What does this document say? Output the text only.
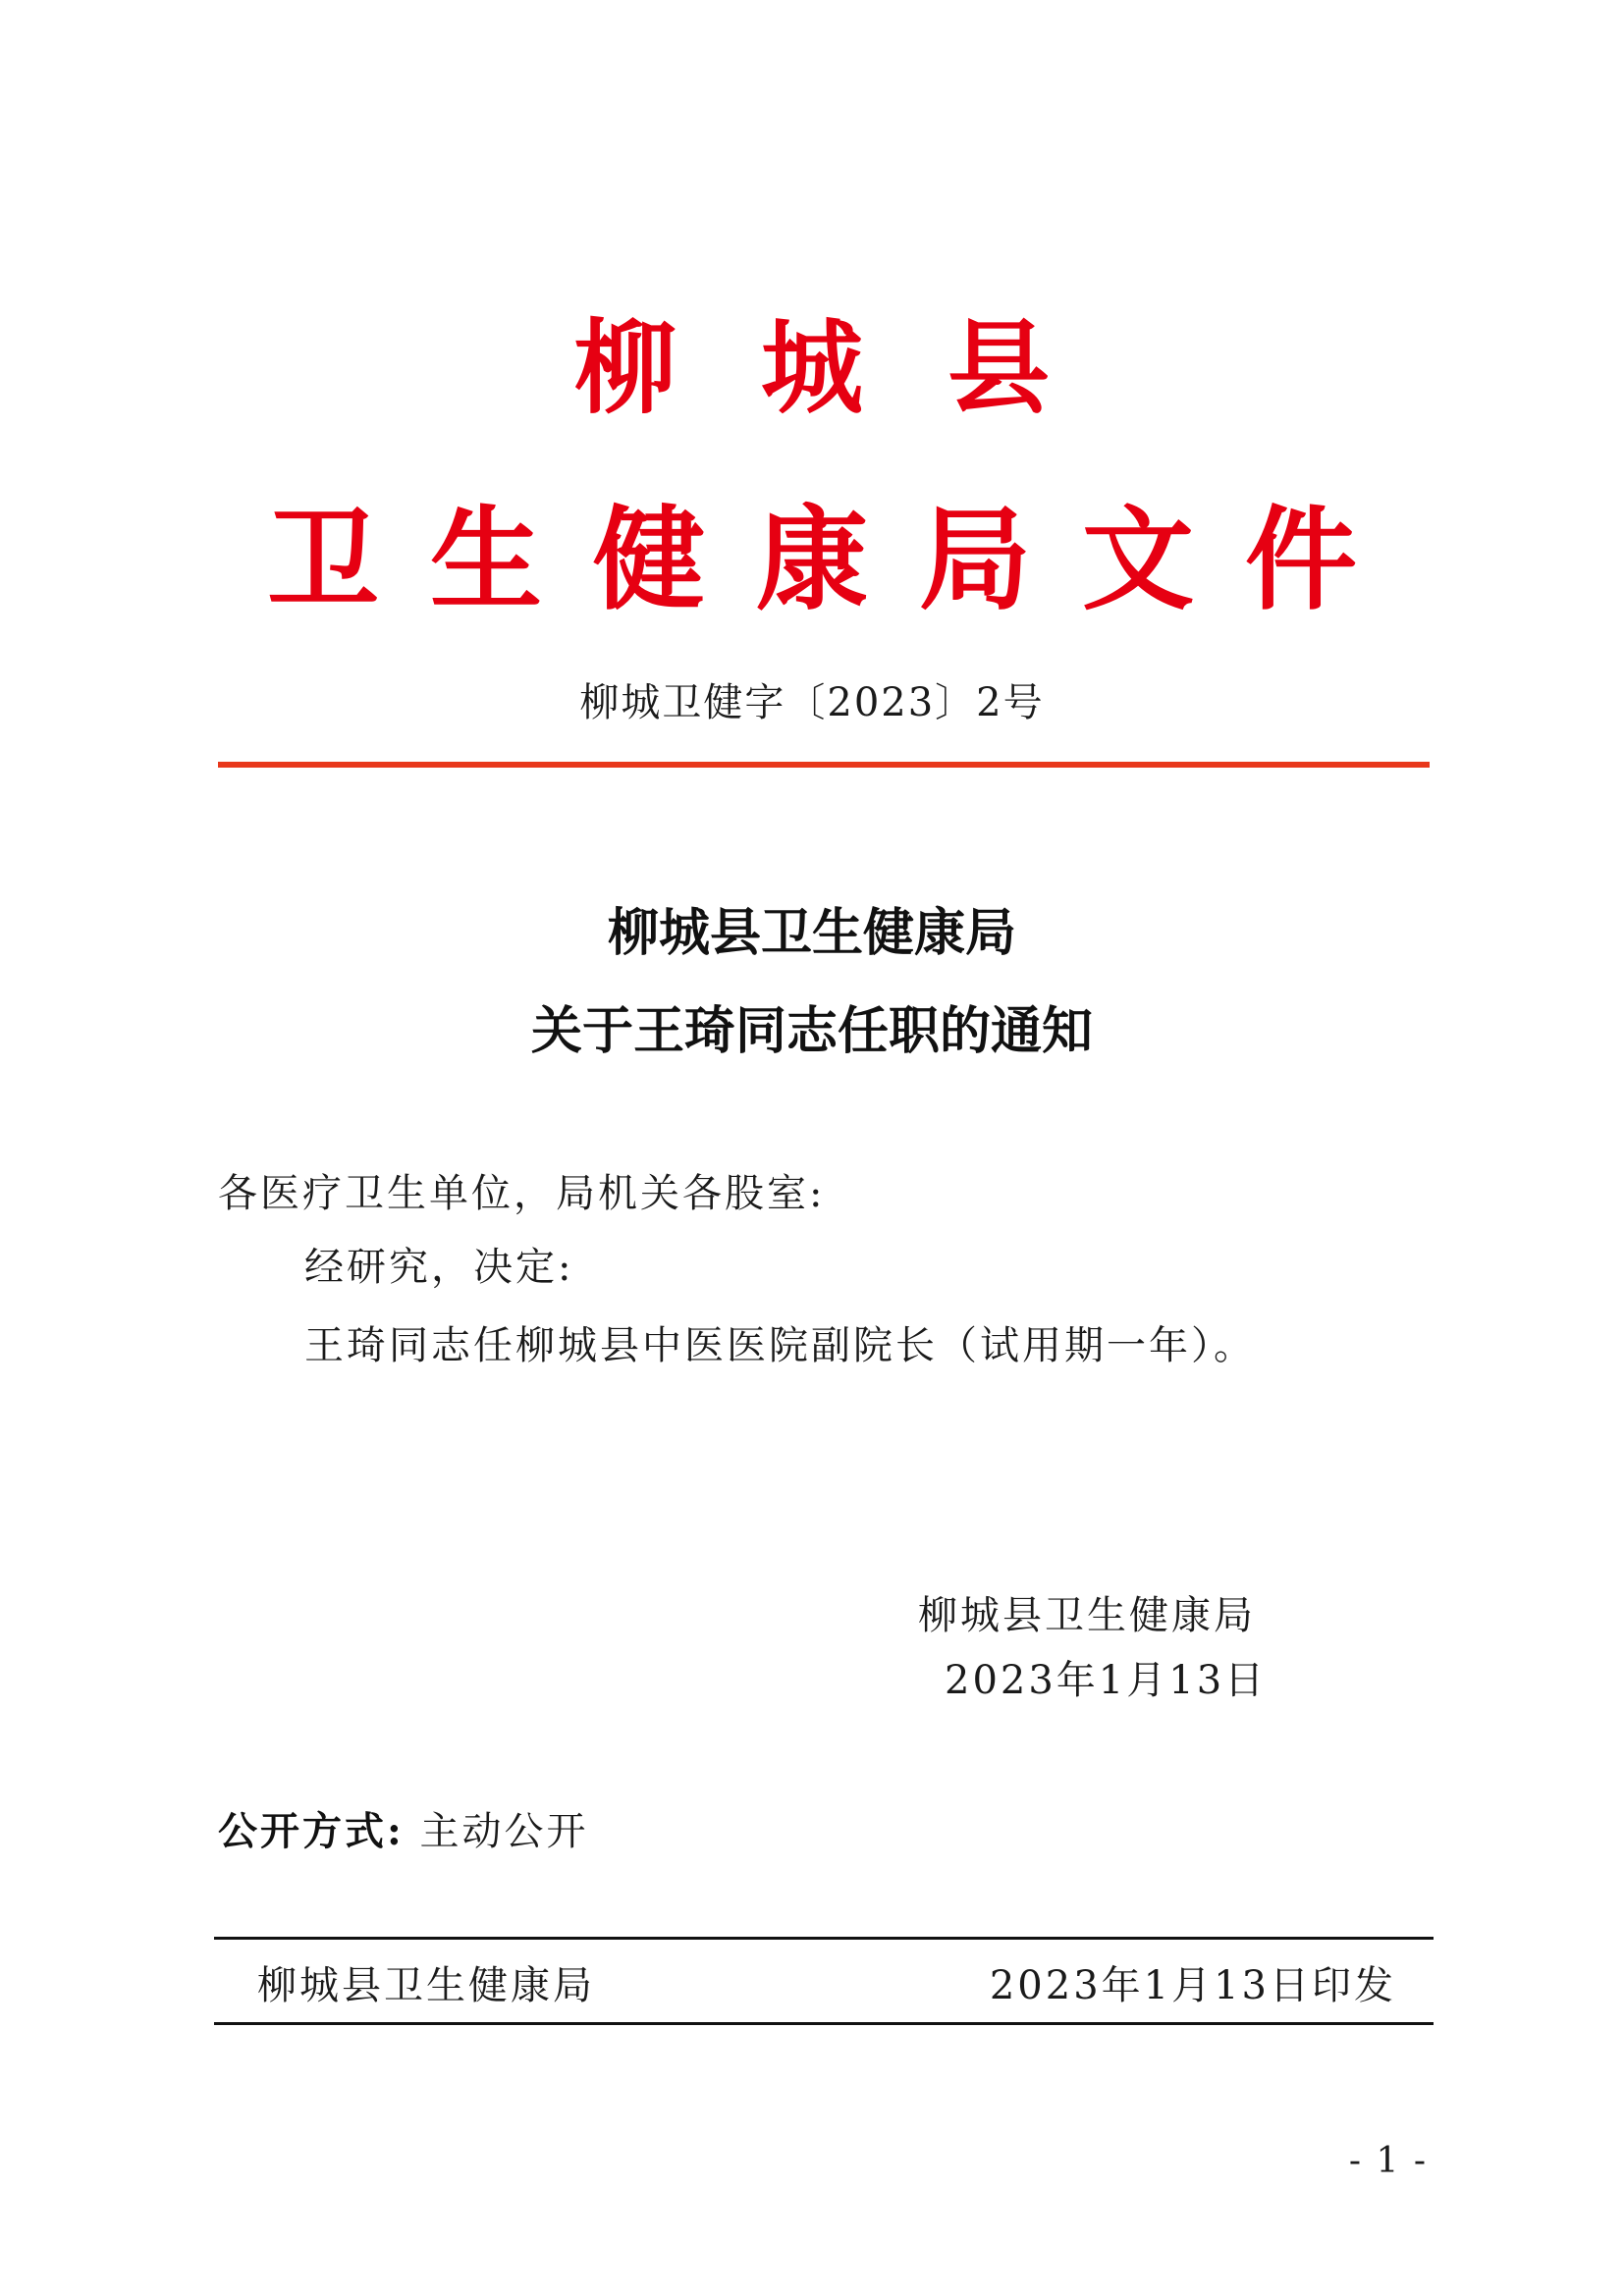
柳城县
卫生健康局文件
柳城卫健字〔2023〕2号
柳城县卫生健康局
关于王琦同志任职的通知
各医疗卫生单位，局机关各股室:
经研究，决定:
王琦同志任柳城县中医医院副院长（试用期一年）。
柳城县卫生健康局
2023年1月13日
公开方式: 主动公开
柳城县卫生健康局	2023年1月13日印发
- 1 -
